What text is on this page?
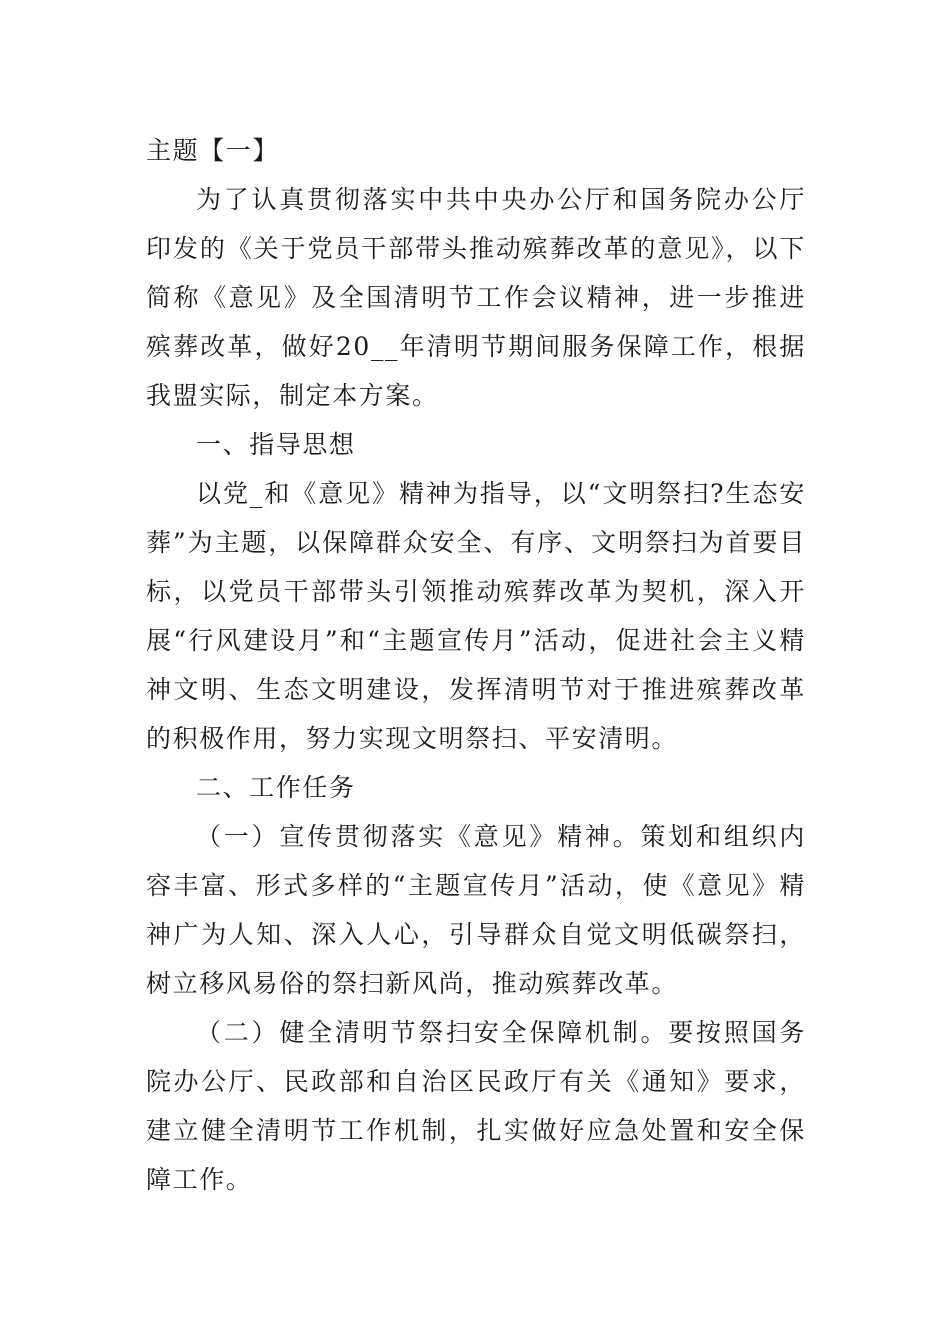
主题【一】

为了认真贯彻落实中共中央办公厅和国务院办公厅印发的《关于党员干部带头推动殡葬改革的意见》，以下简称《意见》及全国清明节工作会议精神，进一步推进殡葬改革，做好20__年清明节期间服务保障工作，根据我盟实际，制定本方案。

一、指导思想

以党_和《意见》精神为指导，以“文明祭扫?生态安葬”为主题，以保障群众安全、有序、文明祭扫为首要目标，以党员干部带头引领推动殡葬改革为契机，深入开展“行风建设月”和“主题宣传月”活动，促进社会主义精神文明、生态文明建设，发挥清明节对于推进殡葬改革的积极作用，努力实现文明祭扫、平安清明。

二、工作任务

（一）宣传贯彻落实《意见》精神。策划和组织内容丰富、形式多样的“主题宣传月”活动，使《意见》精神广为人知、深入人心，引导群众自觉文明低碳祭扫，树立移风易俗的祭扫新风尚，推动殡葬改革。

（二）健全清明节祭扫安全保障机制。要按照国务院办公厅、民政部和自治区民政厅有关《通知》要求，建立健全清明节工作机制，扎实做好应急处置和安全保障工作。
